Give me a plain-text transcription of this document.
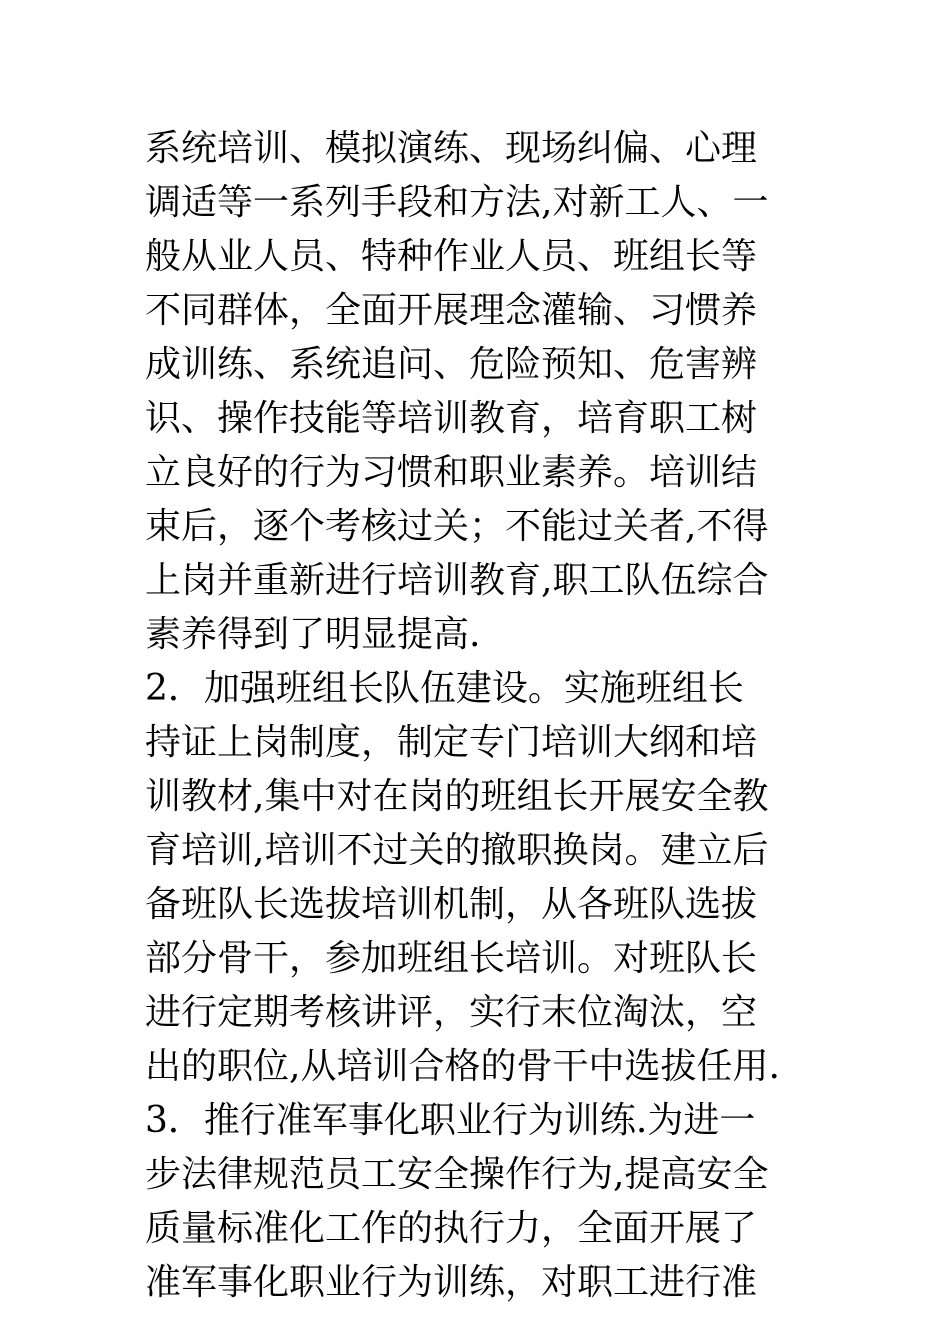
系统培训、模拟演练、现场纠偏、心理
调适等一系列手段和方法,对新工人、一
般从业人员、特种作业人员、班组长等
不同群体，全面开展理念灌输、习惯养
成训练、系统追问、危险预知、危害辨
识、操作技能等培训教育，培育职工树
立良好的行为习惯和职业素养。培训结
束后，逐个考核过关；不能过关者,不得
上岗并重新进行培训教育,职工队伍综合
素养得到了明显提高.
2．加强班组长队伍建设。实施班组长
持证上岗制度，制定专门培训大纲和培
训教材,集中对在岗的班组长开展安全教
育培训,培训不过关的撤职换岗。建立后
备班队长选拔培训机制，从各班队选拔
部分骨干，参加班组长培训。对班队长
进行定期考核讲评，实行末位淘汰，空
出的职位,从培训合格的骨干中选拔任用.
3．推行准军事化职业行为训练.为进一
步法律规范员工安全操作行为,提高安全
质量标准化工作的执行力，全面开展了
准军事化职业行为训练，对职工进行准
